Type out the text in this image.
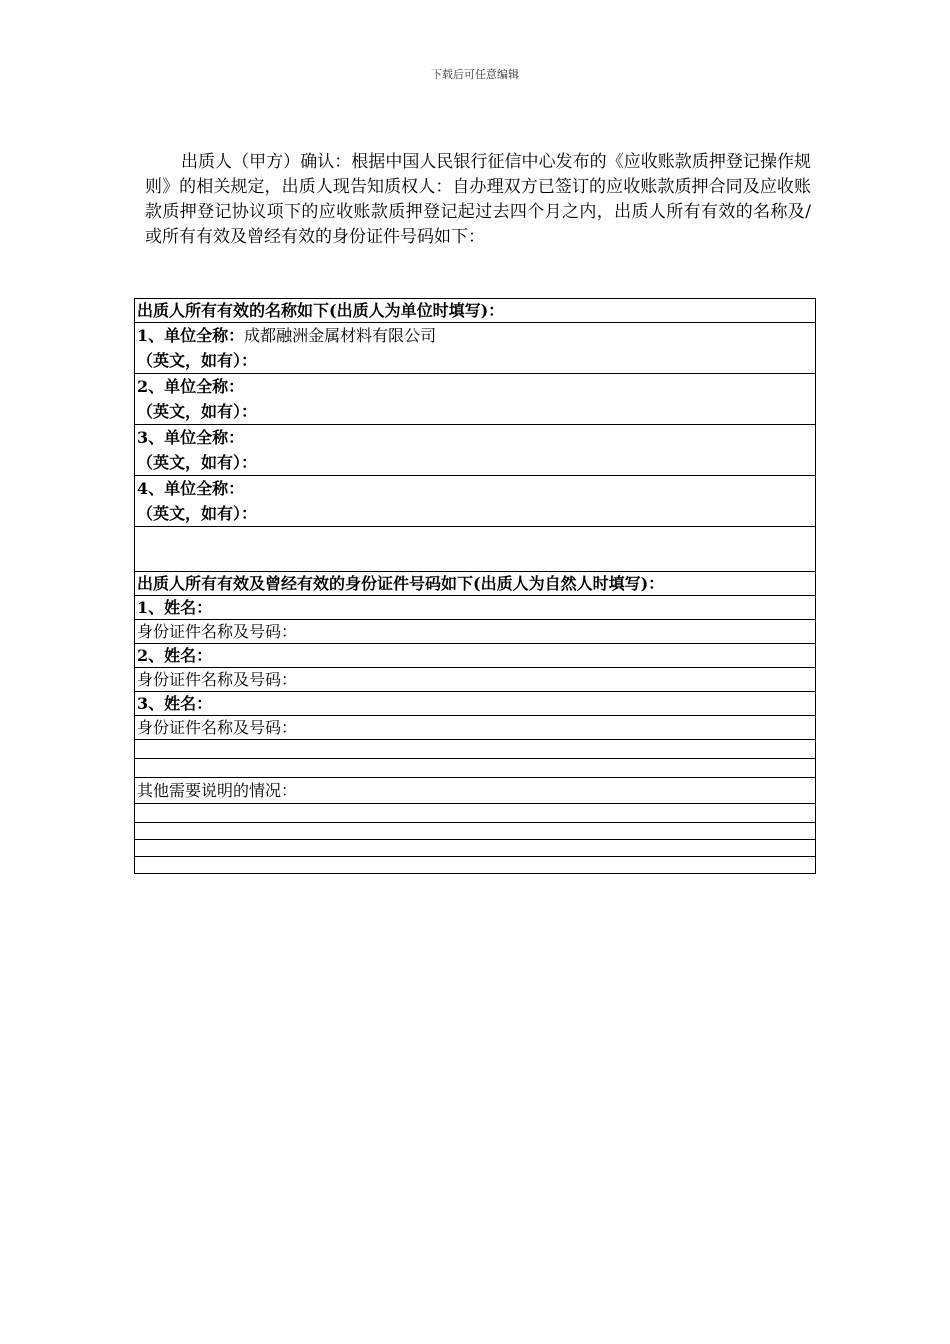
下载后可任意编辑

出质人（甲方）确认：根据中国人民银行征信中心发布的《应收账款质押登记操作规则》的相关规定，出质人现告知质权人：自办理双方已签订的应收账款质押合同及应收账款质押登记协议项下的应收账款质押登记起过去四个月之内，出质人所有有效的名称及/或所有有效及曾经有效的身份证件号码如下：

出质人所有有效的名称如下(出质人为单位时填写)：

1、单位全称：成都融洲金属材料有限公司
（英文，如有）：

2、单位全称：
（英文，如有）：

3、单位全称：
（英文，如有）：

4、单位全称：
（英文，如有）：

出质人所有有效及曾经有效的身份证件号码如下(出质人为自然人时填写)：

1、姓名：

身份证件名称及号码：

2、姓名：

身份证件名称及号码：

3、姓名：

身份证件名称及号码：

其他需要说明的情况：
